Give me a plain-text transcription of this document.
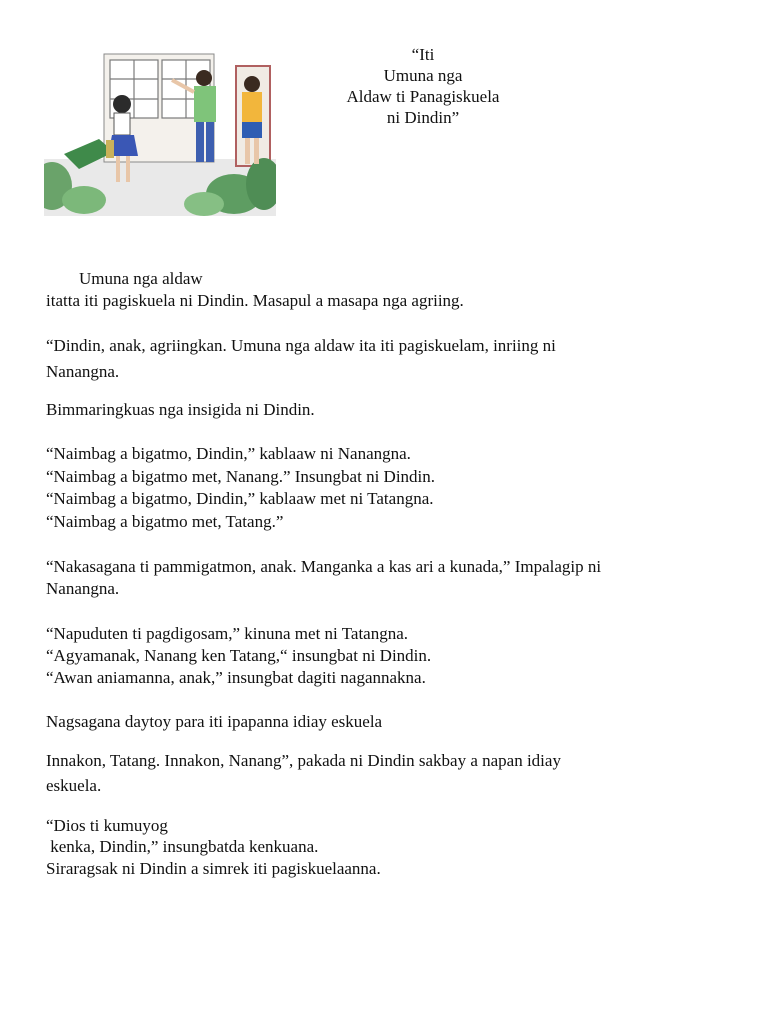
“Iti
Umuna nga
Aldaw ti Panagiskuela
ni Dindin”
Umuna nga aldaw
itatta iti pagiskuela ni Dindin. Masapul a masapa nga agriing.
“Dindin, anak, agriingkan. Umuna nga aldaw ita iti pagiskuelam, inriing ni
Nanangna.
Bimmaringkuas nga insigida ni Dindin.
“Naimbag a bigatmo, Dindin,” kablaaw ni Nanangna.
“Naimbag a bigatmo met, Nanang.” Insungbat ni Dindin.
“Naimbag a bigatmo, Dindin,” kablaaw met ni Tatangna.
“Naimbag a bigatmo met, Tatang.”
“Nakasagana ti pammigatmon, anak. Manganka a kas ari a kunada,” Impalagip ni
Nanangna.
“Napuduten ti pagdigosam,” kinuna met ni Tatangna.
“Agyamanak, Nanang ken Tatang,“ insungbat ni Dindin.
“Awan aniamanna, anak,” insungbat dagiti nagannakna.
Nagsagana daytoy para iti ipapanna idiay eskuela
Innakon, Tatang. Innakon, Nanang”, pakada ni Dindin sakbay a napan idiay
eskuela.
“Dios ti kumuyog
kenka, Dindin,” insungbatda kenkuana.
Siraragsak ni Dindin a simrek iti pagiskuelaanna.
